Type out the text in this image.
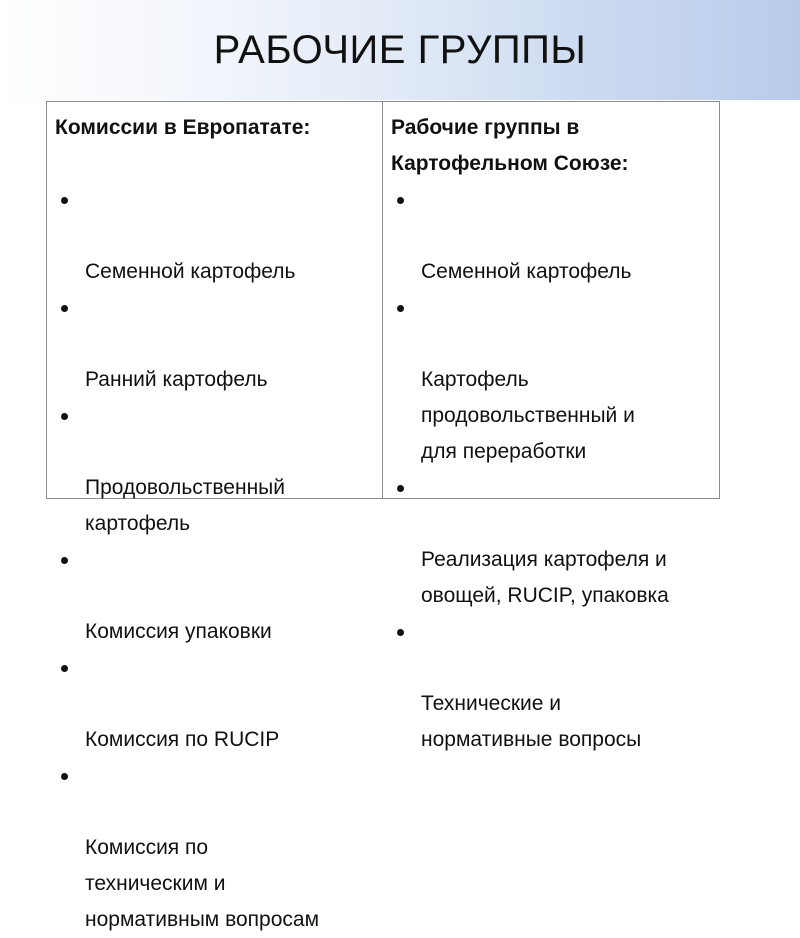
РАБОЧИЕ ГРУППЫ
Комиссии в Европатате:

Семенной картофель

Ранний картофель

Продовольственный
картофель

Комиссия упаковки

Комиссия по RUCIP

Комиссия по
техническим и
нормативным вопросам

Рабочие группы в
Картофельном Союзе:

Семенной картофель

Картофель
продовольственный и
для переработки

Реализация картофеля и
овощей, RUCIP, упаковка

Технические и
нормативные вопросы
